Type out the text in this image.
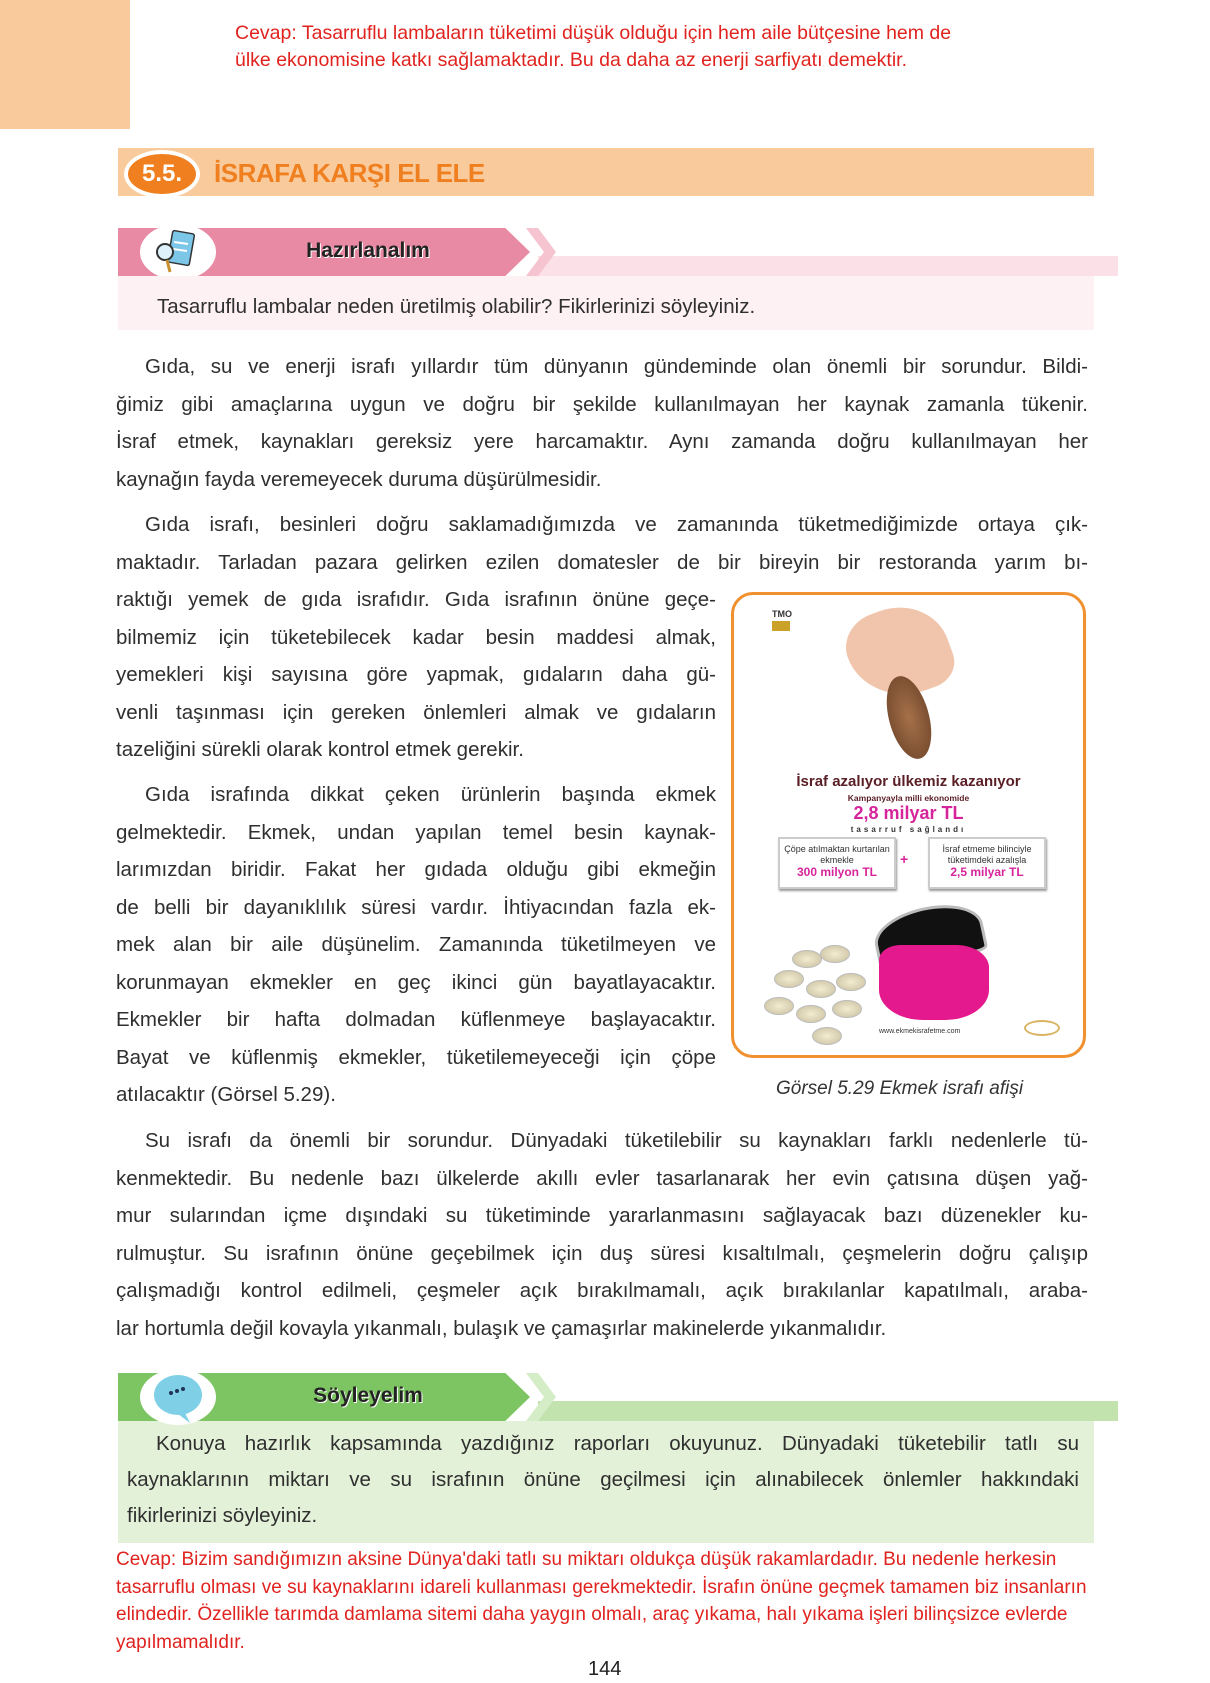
Cevap: Tasarruflu lambaların tüketimi düşük olduğu için hem aile bütçesine hem de
ülke ekonomisine katkı sağlamaktadır. Bu da daha az enerji sarfiyatı demektir.
5.5.	İSRAFA KARŞI EL ELE
Hazırlanalım
Tasarruflu lambalar neden üretilmiş olabilir? Fikirlerinizi söyleyiniz.
Gıda, su ve enerji israfı yıllardır tüm dünyanın gündeminde olan önemli bir sorundur. Bildi-
ğimiz gibi amaçlarına uygun ve doğru bir şekilde kullanılmayan her kaynak zamanla tükenir.
İsraf etmek, kaynakları gereksiz yere harcamaktır. Aynı zamanda doğru kullanılmayan her
kaynağın fayda veremeyecek duruma düşürülmesidir.
Gıda israfı, besinleri doğru saklamadığımızda ve zamanında tüketmediğimizde ortaya çık-
maktadır. Tarladan pazara gelirken ezilen domatesler de bir bireyin bir restoranda yarım bı-
raktığı yemek de gıda israfıdır. Gıda israfının önüne geçe-
bilmemiz için tüketebilecek kadar besin maddesi almak,
yemekleri kişi sayısına göre yapmak, gıdaların daha gü-
venli taşınması için gereken önlemleri almak ve gıdaların
tazeliğini sürekli olarak kontrol etmek gerekir.
Gıda israfında dikkat çeken ürünlerin başında ekmek
gelmektedir. Ekmek, undan yapılan temel besin kaynak-
larımızdan biridir. Fakat her gıdada olduğu gibi ekmeğin
de belli bir dayanıklılık süresi vardır. İhtiyacından fazla ek-
mek alan bir aile düşünelim. Zamanında tüketilmeyen ve
korunmayan ekmekler en geç ikinci gün bayatlayacaktır.
Ekmekler bir hafta dolmadan küflenmeye başlayacaktır.
Bayat ve küflenmiş ekmekler, tüketilemeyeceği için çöpe
atılacaktır (Görsel 5.29).
TMO
İsraf azalıyor ülkemiz kazanıyor
Kampanyayla milli ekonomide
2,8 milyar TL
tasarruf sağlandı
Çöpe atılmaktan kurtarılan ekmekle
300 milyon TL
+
İsraf etmeme bilinciyle tüketimdeki azalışla
2,5 milyar TL
www.ekmekisrafetme.com
Görsel 5.29 Ekmek israfı afişi
Su israfı da önemli bir sorundur. Dünyadaki tüketilebilir su kaynakları farklı nedenlerle tü-
kenmektedir. Bu nedenle bazı ülkelerde akıllı evler tasarlanarak her evin çatısına düşen yağ-
mur sularından içme dışındaki su tüketiminde yararlanmasını sağlayacak bazı düzenekler ku-
rulmuştur. Su israfının önüne geçebilmek için duş süresi kısaltılmalı, çeşmelerin doğru çalışıp
çalışmadığı kontrol edilmeli, çeşmeler açık bırakılmamalı, açık bırakılanlar kapatılmalı, araba-
lar hortumla değil kovayla yıkanmalı, bulaşık ve çamaşırlar makinelerde yıkanmalıdır.
Söyleyelim
Konuya hazırlık kapsamında yazdığınız raporları okuyunuz. Dünyadaki tüketebilir tatlı su
kaynaklarının miktarı ve su israfının önüne geçilmesi için alınabilecek önlemler hakkındaki
fikirlerinizi söyleyiniz.
Cevap: Bizim sandığımızın aksine Dünya'daki tatlı su miktarı oldukça düşük rakamlardadır. Bu nedenle herkesin
tasarruflu olması ve su kaynaklarını idareli kullanması gerekmektedir. İsrafın önüne geçmek tamamen biz insanların
elindedir. Özellikle tarımda damlama sitemi daha yaygın olmalı, araç yıkama, halı yıkama işleri bilinçsizce evlerde
yapılmamalıdır.
144
